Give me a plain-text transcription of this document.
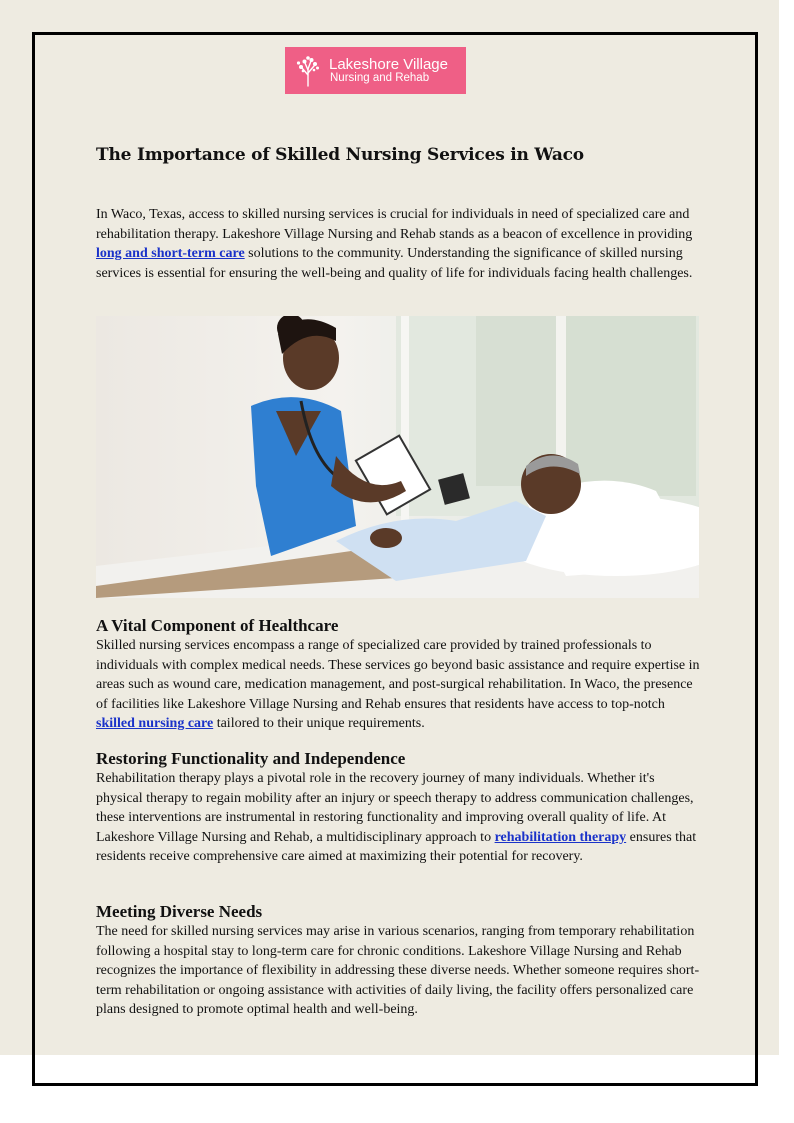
Lakeshore Village
Nursing and Rehab
The Importance of Skilled Nursing Services in Waco

In Waco, Texas, access to skilled nursing services is crucial for individuals in need of specialized care and rehabilitation therapy. Lakeshore Village Nursing and Rehab stands as a beacon of excellence in providing long and short-term care solutions to the community. Understanding the significance of skilled nursing services is essential for ensuring the well-being and quality of life for individuals facing health challenges.

A Vital Component of Healthcare

Skilled nursing services encompass a range of specialized care provided by trained professionals to individuals with complex medical needs. These services go beyond basic assistance and require expertise in areas such as wound care, medication management, and post-surgical rehabilitation. In Waco, the presence of facilities like Lakeshore Village Nursing and Rehab ensures that residents have access to top-notch skilled nursing care tailored to their unique requirements.

Restoring Functionality and Independence

Rehabilitation therapy plays a pivotal role in the recovery journey of many individuals. Whether it's physical therapy to regain mobility after an injury or speech therapy to address communication challenges, these interventions are instrumental in restoring functionality and improving overall quality of life. At Lakeshore Village Nursing and Rehab, a multidisciplinary approach to rehabilitation therapy ensures that residents receive comprehensive care aimed at maximizing their potential for recovery.

Meeting Diverse Needs

The need for skilled nursing services may arise in various scenarios, ranging from temporary rehabilitation following a hospital stay to long-term care for chronic conditions. Lakeshore Village Nursing and Rehab recognizes the importance of flexibility in addressing these diverse needs. Whether someone requires short-term rehabilitation or ongoing assistance with activities of daily living, the facility offers personalized care plans designed to promote optimal health and well-being.
